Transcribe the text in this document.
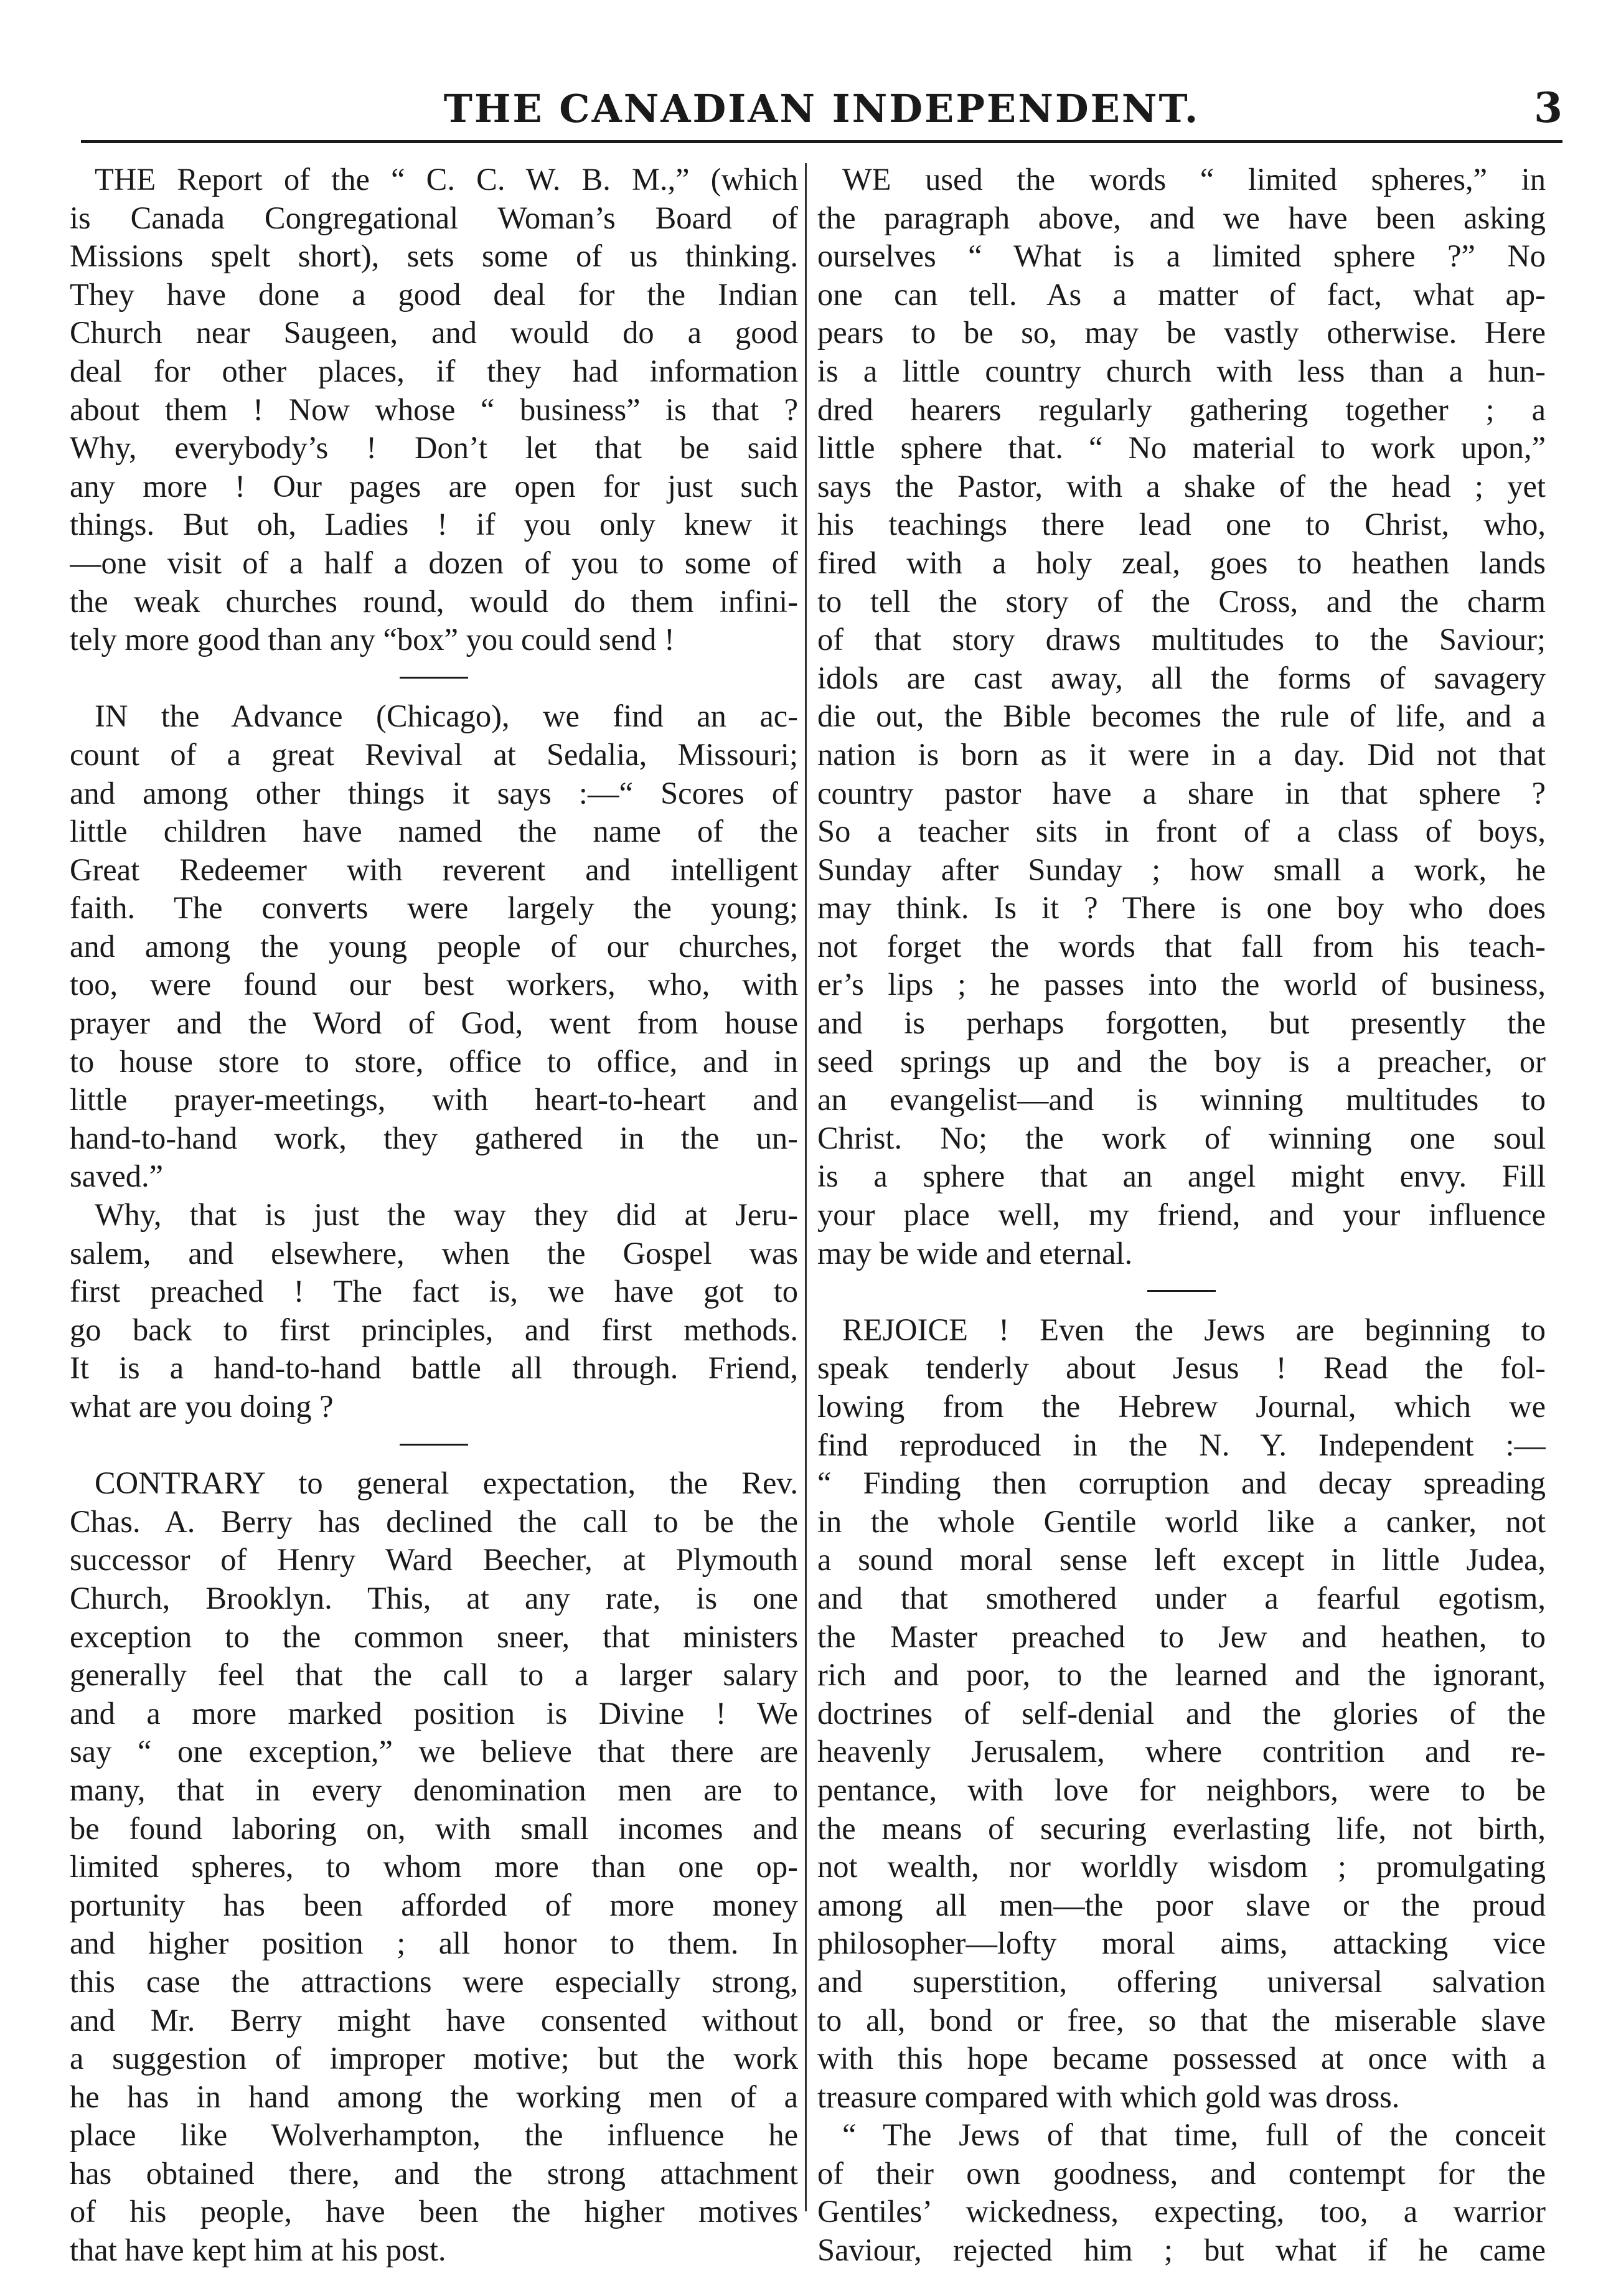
THE CANADIAN INDEPENDENT.	3
THE Report of the “ C. C. W. B. M.,” (which
is Canada Congregational Woman’s Board of
Missions spelt short), sets some of us thinking.
They have done a good deal for the Indian
Church near Saugeen, and would do a good
deal for other places, if they had information
about them ! Now whose “ business” is that ?
Why, everybody’s ! Don’t let that be said
any more ! Our pages are open for just such
things. But oh, Ladies ! if you only knew it
—one visit of a half a dozen of you to some of
the weak churches round, would do them infini-
tely more good than any “box” you could send !
IN the Advance (Chicago), we find an ac-
count of a great Revival at Sedalia, Missouri;
and among other things it says :—“ Scores of
little children have named the name of the
Great Redeemer with reverent and intelligent
faith. The converts were largely the young;
and among the young people of our churches,
too, were found our best workers, who, with
prayer and the Word of God, went from house
to house store to store, office to office, and in
little prayer-meetings, with heart-to-heart and
hand-to-hand work, they gathered in the un-
saved.”
Why, that is just the way they did at Jeru-
salem, and elsewhere, when the Gospel was
first preached ! The fact is, we have got to
go back to first principles, and first methods.
It is a hand-to-hand battle all through. Friend,
what are you doing ?
CONTRARY to general expectation, the Rev.
Chas. A. Berry has declined the call to be the
successor of Henry Ward Beecher, at Plymouth
Church, Brooklyn. This, at any rate, is one
exception to the common sneer, that ministers
generally feel that the call to a larger salary
and a more marked position is Divine ! We
say “ one exception,” we believe that there are
many, that in every denomination men are to
be found laboring on, with small incomes and
limited spheres, to whom more than one op-
portunity has been afforded of more money
and higher position ; all honor to them. In
this case the attractions were especially strong,
and Mr. Berry might have consented without
a suggestion of improper motive; but the work
he has in hand among the working men of a
place like Wolverhampton, the influence he
has obtained there, and the strong attachment
of his people, have been the higher motives
that have kept him at his post.
WE used the words “ limited spheres,” in
the paragraph above, and we have been asking
ourselves “ What is a limited sphere ?” No
one can tell. As a matter of fact, what ap-
pears to be so, may be vastly otherwise. Here
is a little country church with less than a hun-
dred hearers regularly gathering together ; a
little sphere that. “ No material to work upon,”
says the Pastor, with a shake of the head ; yet
his teachings there lead one to Christ, who,
fired with a holy zeal, goes to heathen lands
to tell the story of the Cross, and the charm
of that story draws multitudes to the Saviour;
idols are cast away, all the forms of savagery
die out, the Bible becomes the rule of life, and a
nation is born as it were in a day. Did not that
country pastor have a share in that sphere ?
So a teacher sits in front of a class of boys,
Sunday after Sunday ; how small a work, he
may think. Is it ? There is one boy who does
not forget the words that fall from his teach-
er’s lips ; he passes into the world of business,
and is perhaps forgotten, but presently the
seed springs up and the boy is a preacher, or
an evangelist—and is winning multitudes to
Christ. No; the work of winning one soul
is a sphere that an angel might envy. Fill
your place well, my friend, and your influence
may be wide and eternal.
REJOICE ! Even the Jews are beginning to
speak tenderly about Jesus ! Read the fol-
lowing from the Hebrew Journal, which we
find reproduced in the N. Y. Independent :—
“ Finding then corruption and decay spreading
in the whole Gentile world like a canker, not
a sound moral sense left except in little Judea,
and that smothered under a fearful egotism,
the Master preached to Jew and heathen, to
rich and poor, to the learned and the ignorant,
doctrines of self-denial and the glories of the
heavenly Jerusalem, where contrition and re-
pentance, with love for neighbors, were to be
the means of securing everlasting life, not birth,
not wealth, nor worldly wisdom ; promulgating
among all men—the poor slave or the proud
philosopher—lofty moral aims, attacking vice
and superstition, offering universal salvation
to all, bond or free, so that the miserable slave
with this hope became possessed at once with a
treasure compared with which gold was dross.
“ The Jews of that time, full of the conceit
of their own goodness, and contempt for the
Gentiles’ wickedness, expecting, too, a warrior
Saviour, rejected him ; but what if he came
